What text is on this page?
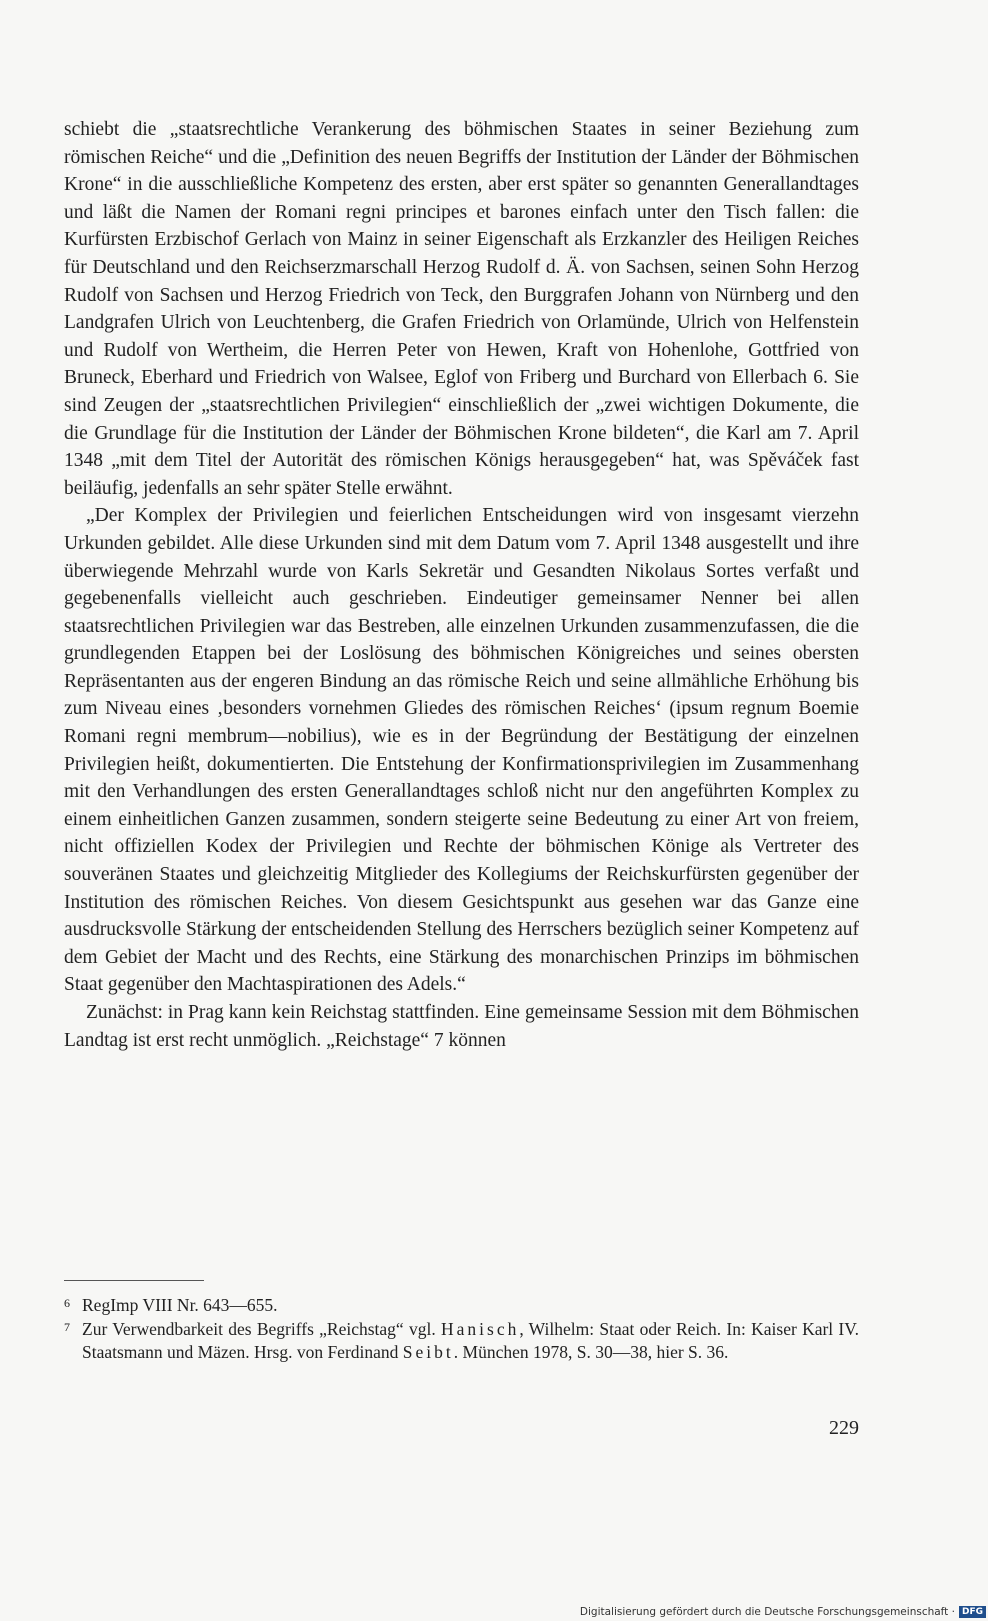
schiebt die „staatsrechtliche Verankerung des böhmischen Staates in seiner Beziehung zum römischen Reiche“ und die „Definition des neuen Begriffs der Institution der Länder der Böhmischen Krone“ in die ausschließliche Kompetenz des ersten, aber erst später so genannten Generallandtages und läßt die Namen der Romani regni principes et barones einfach unter den Tisch fallen: die Kurfürsten Erzbischof Gerlach von Mainz in seiner Eigenschaft als Erzkanzler des Heiligen Reiches für Deutschland und den Reichserzmarschall Herzog Rudolf d. Ä. von Sachsen, seinen Sohn Herzog Rudolf von Sachsen und Herzog Friedrich von Teck, den Burggrafen Johann von Nürnberg und den Landgrafen Ulrich von Leuchtenberg, die Grafen Friedrich von Orlamünde, Ulrich von Helfenstein und Rudolf von Wertheim, die Herren Peter von Hewen, Kraft von Hohenlohe, Gottfried von Bruneck, Eberhard und Friedrich von Walsee, Eglof von Friberg und Burchard von Ellerbach 6. Sie sind Zeugen der „staatsrechtlichen Privilegien“ einschließlich der „zwei wichtigen Dokumente, die die Grundlage für die Institution der Länder der Böhmischen Krone bildeten“, die Karl am 7. April 1348 „mit dem Titel der Autorität des römischen Königs herausgegeben“ hat, was Spěváček fast beiläufig, jedenfalls an sehr später Stelle erwähnt.

„Der Komplex der Privilegien und feierlichen Entscheidungen wird von insgesamt vierzehn Urkunden gebildet. Alle diese Urkunden sind mit dem Datum vom 7. April 1348 ausgestellt und ihre überwiegende Mehrzahl wurde von Karls Sekretär und Gesandten Nikolaus Sortes verfaßt und gegebenenfalls vielleicht auch geschrieben. Eindeutiger gemeinsamer Nenner bei allen staatsrechtlichen Privilegien war das Bestreben, alle einzelnen Urkunden zusammenzufassen, die die grundlegenden Etappen bei der Loslösung des böhmischen Königreiches und seines obersten Repräsentanten aus der engeren Bindung an das römische Reich und seine allmähliche Erhöhung bis zum Niveau eines ‚besonders vornehmen Gliedes des römischen Reiches‘ (ipsum regnum Boemie Romani regni membrum—nobilius), wie es in der Begründung der Bestätigung der einzelnen Privilegien heißt, dokumentierten. Die Entstehung der Konfirmationsprivilegien im Zusammenhang mit den Verhandlungen des ersten Generallandtages schloß nicht nur den angeführten Komplex zu einem einheitlichen Ganzen zusammen, sondern steigerte seine Bedeutung zu einer Art von freiem, nicht offiziellen Kodex der Privilegien und Rechte der böhmischen Könige als Vertreter des souveränen Staates und gleichzeitig Mitglieder des Kollegiums der Reichskurfürsten gegenüber der Institution des römischen Reiches. Von diesem Gesichtspunkt aus gesehen war das Ganze eine ausdrucksvolle Stärkung der entscheidenden Stellung des Herrschers bezüglich seiner Kompetenz auf dem Gebiet der Macht und des Rechts, eine Stärkung des monarchischen Prinzips im böhmischen Staat gegenüber den Machtaspirationen des Adels.“

Zunächst: in Prag kann kein Reichstag stattfinden. Eine gemeinsame Session mit dem Böhmischen Landtag ist erst recht unmöglich. „Reichstage“ 7 können

6 RegImp VIII Nr. 643—655.
7 Zur Verwendbarkeit des Begriffs „Reichstag“ vgl. Hanisch, Wilhelm: Staat oder Reich. In: Kaiser Karl IV. Staatsmann und Mäzen. Hrsg. von Ferdinand Seibt. München 1978, S. 30—38, hier S. 36.
229
Digitalisierung gefördert durch die Deutsche Forschungsgemeinschaft · DFG
